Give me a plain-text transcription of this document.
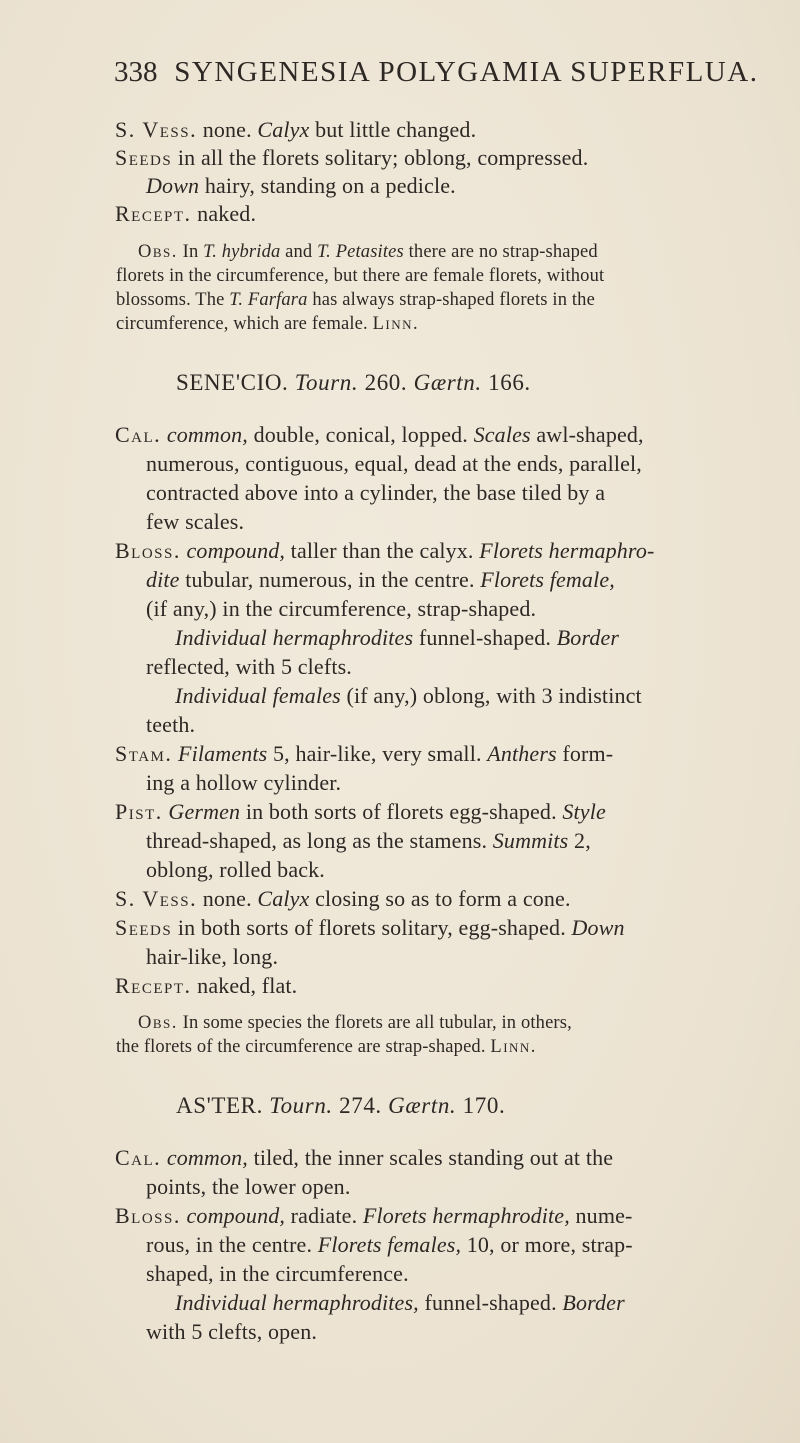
338 SYNGENESIA POLYGAMIA SUPERFLUA.
S. Vess. none. Calyx but little changed.
Seeds in all the florets solitary; oblong, compressed.
Down hairy, standing on a pedicle.
Recept. naked.
Obs. In T. hybrida and T. Petasites there are no strap-shaped
florets in the circumference, but there are female florets, without
blossoms. The T. Farfara has always strap-shaped florets in the
circumference, which are female. Linn.
SENE'CIO. Tourn. 260. Gærtn. 166.
Cal. common, double, conical, lopped. Scales awl-shaped,
numerous, contiguous, equal, dead at the ends, parallel,
contracted above into a cylinder, the base tiled by a
few scales.
Bloss. compound, taller than the calyx. Florets hermaphro-
dite tubular, numerous, in the centre. Florets female,
(if any,) in the circumference, strap-shaped.
Individual hermaphrodites funnel-shaped. Border
reflected, with 5 clefts.
Individual females (if any,) oblong, with 3 indistinct
teeth.
Stam. Filaments 5, hair-like, very small. Anthers form-
ing a hollow cylinder.
Pist. Germen in both sorts of florets egg-shaped. Style
thread-shaped, as long as the stamens. Summits 2,
oblong, rolled back.
S. Vess. none. Calyx closing so as to form a cone.
Seeds in both sorts of florets solitary, egg-shaped. Down
hair-like, long.
Recept. naked, flat.
Obs. In some species the florets are all tubular, in others,
the florets of the circumference are strap-shaped. Linn.
AS'TER. Tourn. 274. Gærtn. 170.
Cal. common, tiled, the inner scales standing out at the
points, the lower open.
Bloss. compound, radiate. Florets hermaphrodite, nume-
rous, in the centre. Florets females, 10, or more, strap-
shaped, in the circumference.
Individual hermaphrodites, funnel-shaped. Border
with 5 clefts, open.
